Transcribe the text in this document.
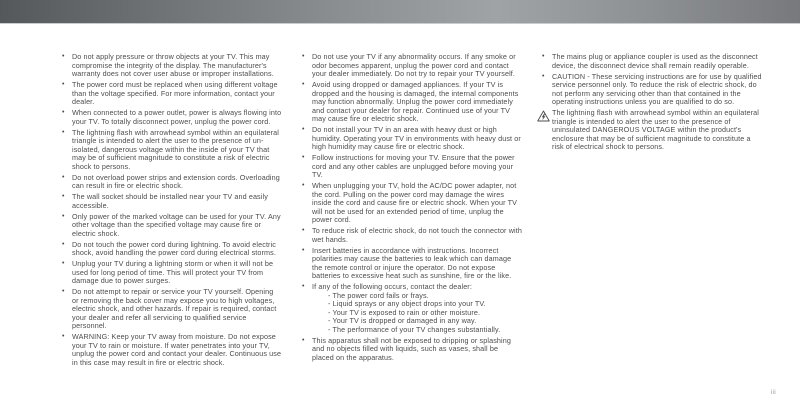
•	Do not apply pressure or throw objects at your TV. This may compromise the integrity of the display. The manufacturer's warranty does not cover user abuse or improper installations.
•	The power cord must be replaced when using different voltage than the voltage specified. For more information, contact your dealer.
•	When connected to a power outlet, power is always flowing into your TV. To totally disconnect power, unplug the power cord.
•	The lightning flash with arrowhead symbol within an equilateral triangle is intended to alert the user to the presence of un-isolated, dangerous voltage within the inside of your TV that may be of sufficient magnitude to constitute a risk of electric shock to persons.
•	Do not overload power strips and extension cords. Overloading can result in fire or electric shock.
•	The wall socket should be installed near your TV and easily accessible.
•	Only power of the marked voltage can be used for your TV. Any other voltage than the specified voltage may cause fire or electric shock.
•	Do not touch the power cord during lightning. To avoid electric shock, avoid handling the power cord during electrical storms.
•	Unplug your TV during a lightning storm or when it will not be used for long period of time. This will protect your TV from damage due to power surges.
•	Do not attempt to repair or service your TV yourself. Opening or removing the back cover may expose you to high voltages, electric shock, and other hazards. If repair is required, contact your dealer and refer all servicing to qualified service personnel.
•	WARNING: Keep your TV away from moisture. Do not expose your TV to rain or moisture. If water penetrates into your TV, unplug the power cord and contact your dealer. Continuous use in this case may result in fire or electric shock.
•	Do not use your TV if any abnormality occurs. If any smoke or odor becomes apparent, unplug the power cord and contact your dealer immediately. Do not try to repair your TV yourself.
•	Avoid using dropped or damaged appliances. If your TV is dropped and the housing is damaged, the internal components may function abnormally. Unplug the power cord immediately and contact your dealer for repair. Continued use of your TV may cause fire or electric shock.
•	Do not install your TV in an area with heavy dust or high humidity. Operating your TV in environments with heavy dust or high humidity may cause fire or electric shock.
•	Follow instructions for moving your TV. Ensure that the power cord and any other cables are unplugged before moving your TV.
•	When unplugging your TV, hold the AC/DC power adapter, not the cord. Pulling on the power cord may damage the wires inside the cord and cause fire or electric shock. When your TV will not be used for an extended period of time, unplug the power cord.
•	To reduce risk of electric shock, do not touch the connector with wet hands.
•	Insert batteries in accordance with instructions. Incorrect polarities may cause the batteries to leak which can damage the remote control or injure the operator. Do not expose batteries to excessive heat such as sunshine, fire or the like.
•	If any of the following occurs, contact the dealer:
- The power cord fails or frays.
- Liquid sprays or any object drops into your TV.
- Your TV is exposed to rain or other moisture.
- Your TV is dropped or damaged in any way.
- The performance of your TV changes substantially.
•	This apparatus shall not be exposed to dripping or splashing and no objects filled with liquids, such as vases, shall be placed on the apparatus.
•	The mains plug or appliance coupler is used as the disconnect device, the disconnect device shall remain readily operable.
•	CAUTION - These servicing instructions are for use by qualified service personnel only. To reduce the risk of electric shock, do not perform any servicing other than that contained in the operating instructions unless you are qualified to do so.
The lightning flash with arrowhead symbol within an equilateral triangle is intended to alert the user to the presence of uninsulated DANGEROUS VOLTAGE within the product's enclosure that may be of sufficient magnitude to constitute a risk of electrical shock to persons.
iii
